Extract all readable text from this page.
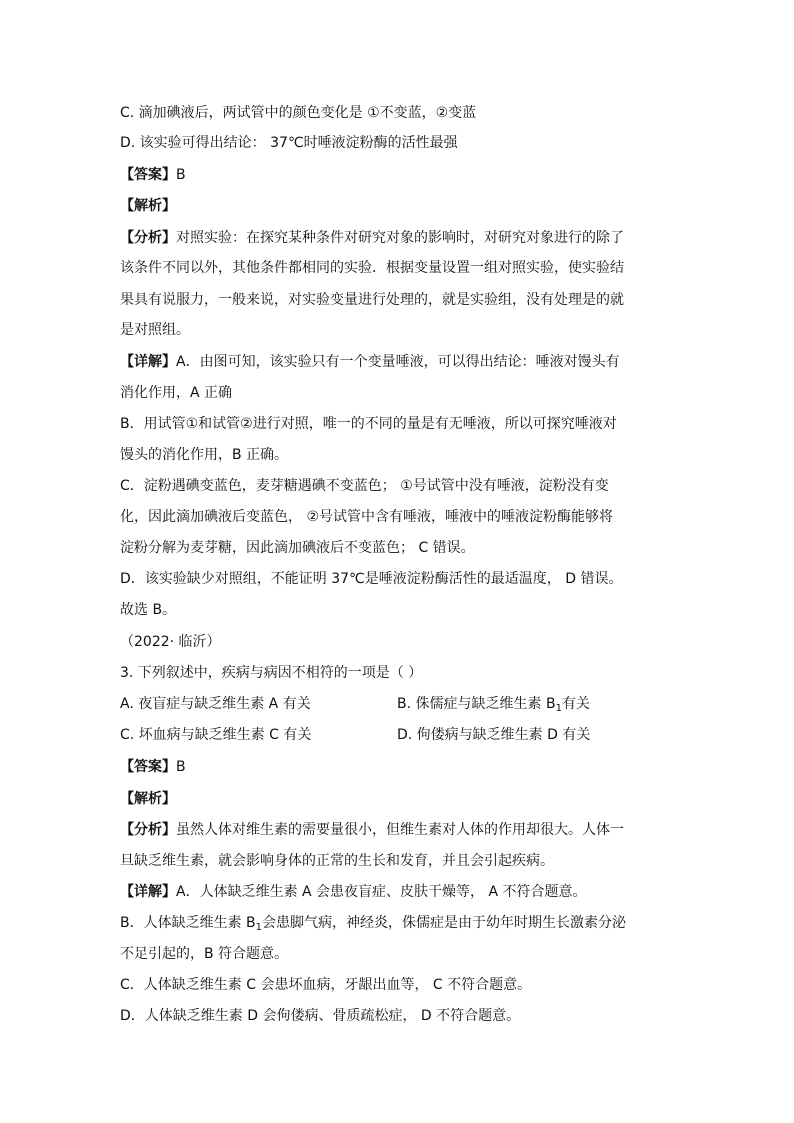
C. 滴加碘液后，两试管中的颜色变化是 ①不变蓝，②变蓝
D. 该实验可得出结论： 37℃时唾液淀粉酶的活性最强
【答案】B
【解析】
【分析】对照实验：在探究某种条件对研究对象的影响时，对研究对象进行的除了
该条件不同以外，其他条件都相同的实验．根据变量设置一组对照实验，使实验结
果具有说服力，一般来说，对实验变量进行处理的，就是实验组，没有处理是的就
是对照组。
【详解】A．由图可知，该实验只有一个变量唾液，可以得出结论：唾液对馒头有
消化作用，A 正确
B．用试管①和试管②进行对照，唯一的不同的量是有无唾液，所以可探究唾液对
馒头的消化作用，B 正确。
C．淀粉遇碘变蓝色，麦芽糖遇碘不变蓝色； ①号试管中没有唾液，淀粉没有变
化，因此滴加碘液后变蓝色， ②号试管中含有唾液，唾液中的唾液淀粉酶能够将
淀粉分解为麦芽糖，因此滴加碘液后不变蓝色； C 错误。
D．该实验缺少对照组，不能证明 37℃是唾液淀粉酶活性的最适温度， D 错误。
故选 B。
（2022· 临沂）
3. 下列叙述中，疾病与病因不相符的一项是（ ）
A. 夜盲症与缺乏维生素 A 有关	B. 侏儒症与缺乏维生素 $B_1$有关
C. 坏血病与缺乏维生素 C 有关	D. 佝偻病与缺乏维生素 D 有关
【答案】B
【解析】
【分析】虽然人体对维生素的需要量很小，但维生素对人体的作用却很大。人体一
旦缺乏维生素，就会影响身体的正常的生长和发育，并且会引起疾病。
【详解】A．人体缺乏维生素 A 会患夜盲症、皮肤干燥等， A 不符合题意。
B．人体缺乏维生素 $B_1$会患脚气病，神经炎，侏儒症是由于幼年时期生长激素分泌
不足引起的，B 符合题意。
C．人体缺乏维生素 C 会患坏血病，牙龈出血等， C 不符合题意。
D．人体缺乏维生素 D 会佝偻病、骨质疏松症， D 不符合题意。
